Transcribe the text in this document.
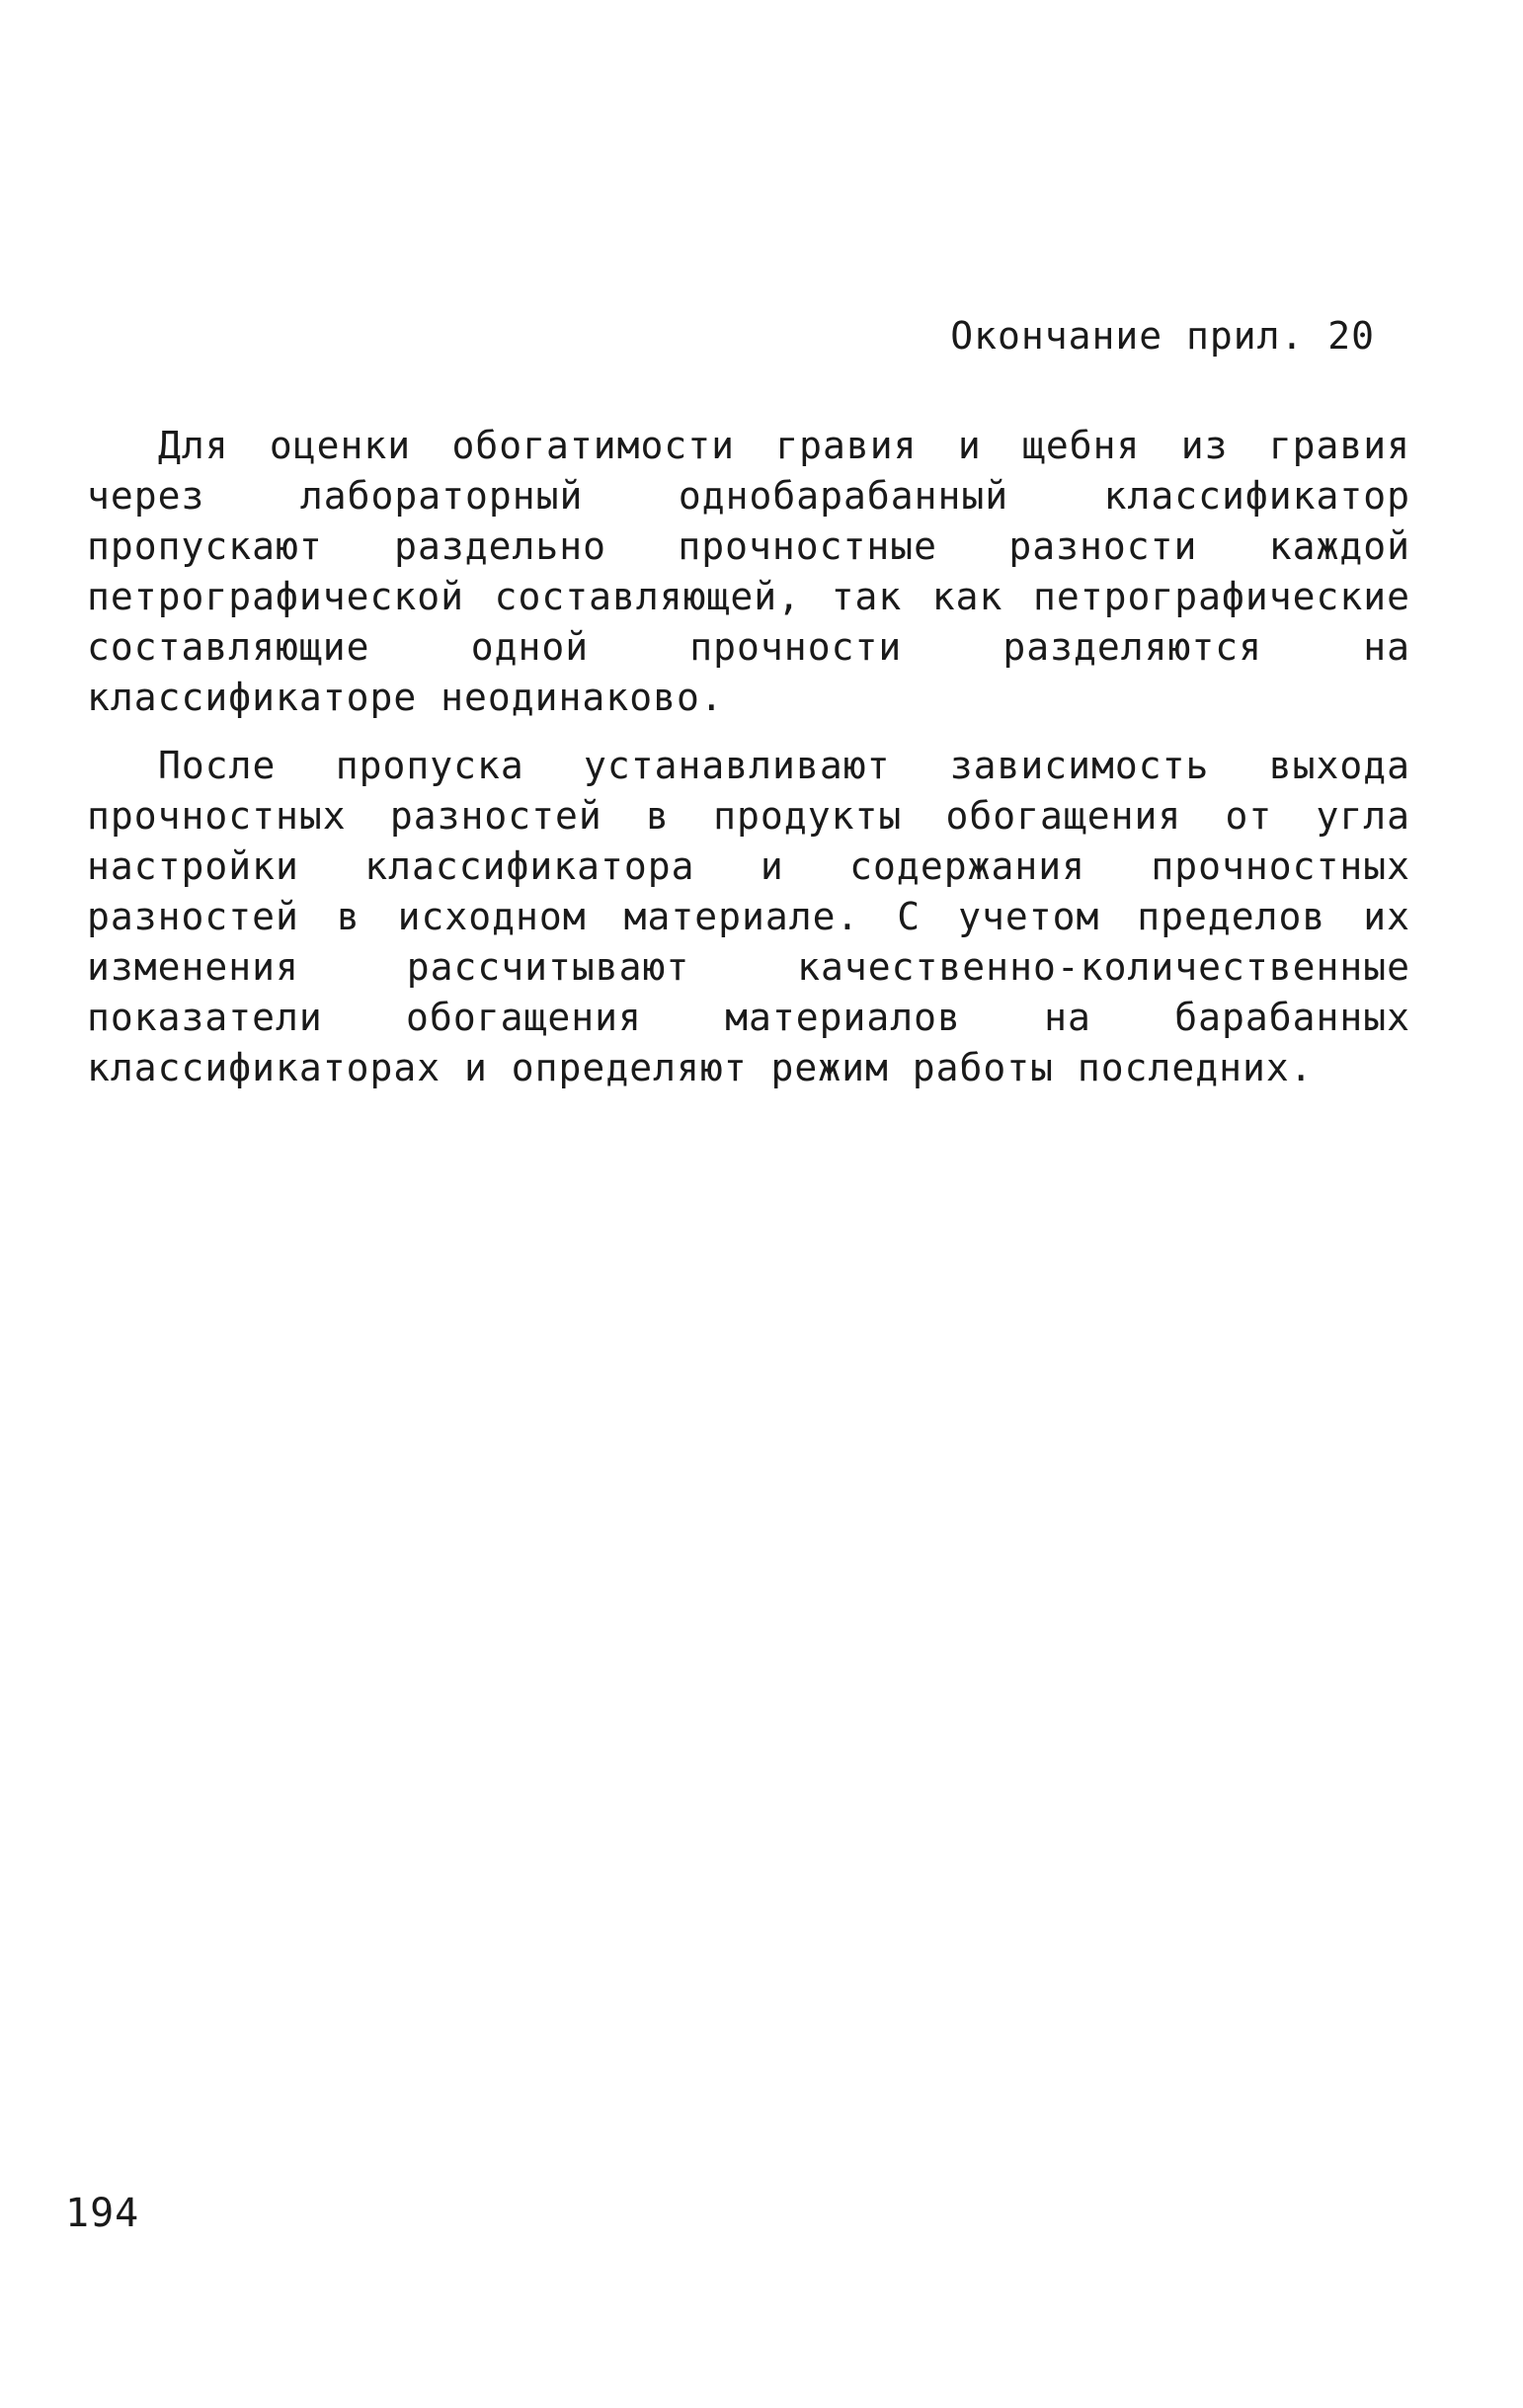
Окончание прил. 20

Для оценки обогатимости гравия и щебня из гравия через лабораторный однобарабанный классификатор пропускают раздельно прочностные разности каждой петрографической составляющей, так как петрографические составляющие одной прочности разделяются на классификаторе неодинаково.

После пропуска устанавливают зависимость выхода прочностных разностей в продукты обогащения от угла настройки классификатора и содержания прочностных разностей в исходном материале. С учетом пределов их изменения рассчитывают качественно-количественные показатели обогащения материалов на барабанных классификаторах и определяют режим работы последних.

194
